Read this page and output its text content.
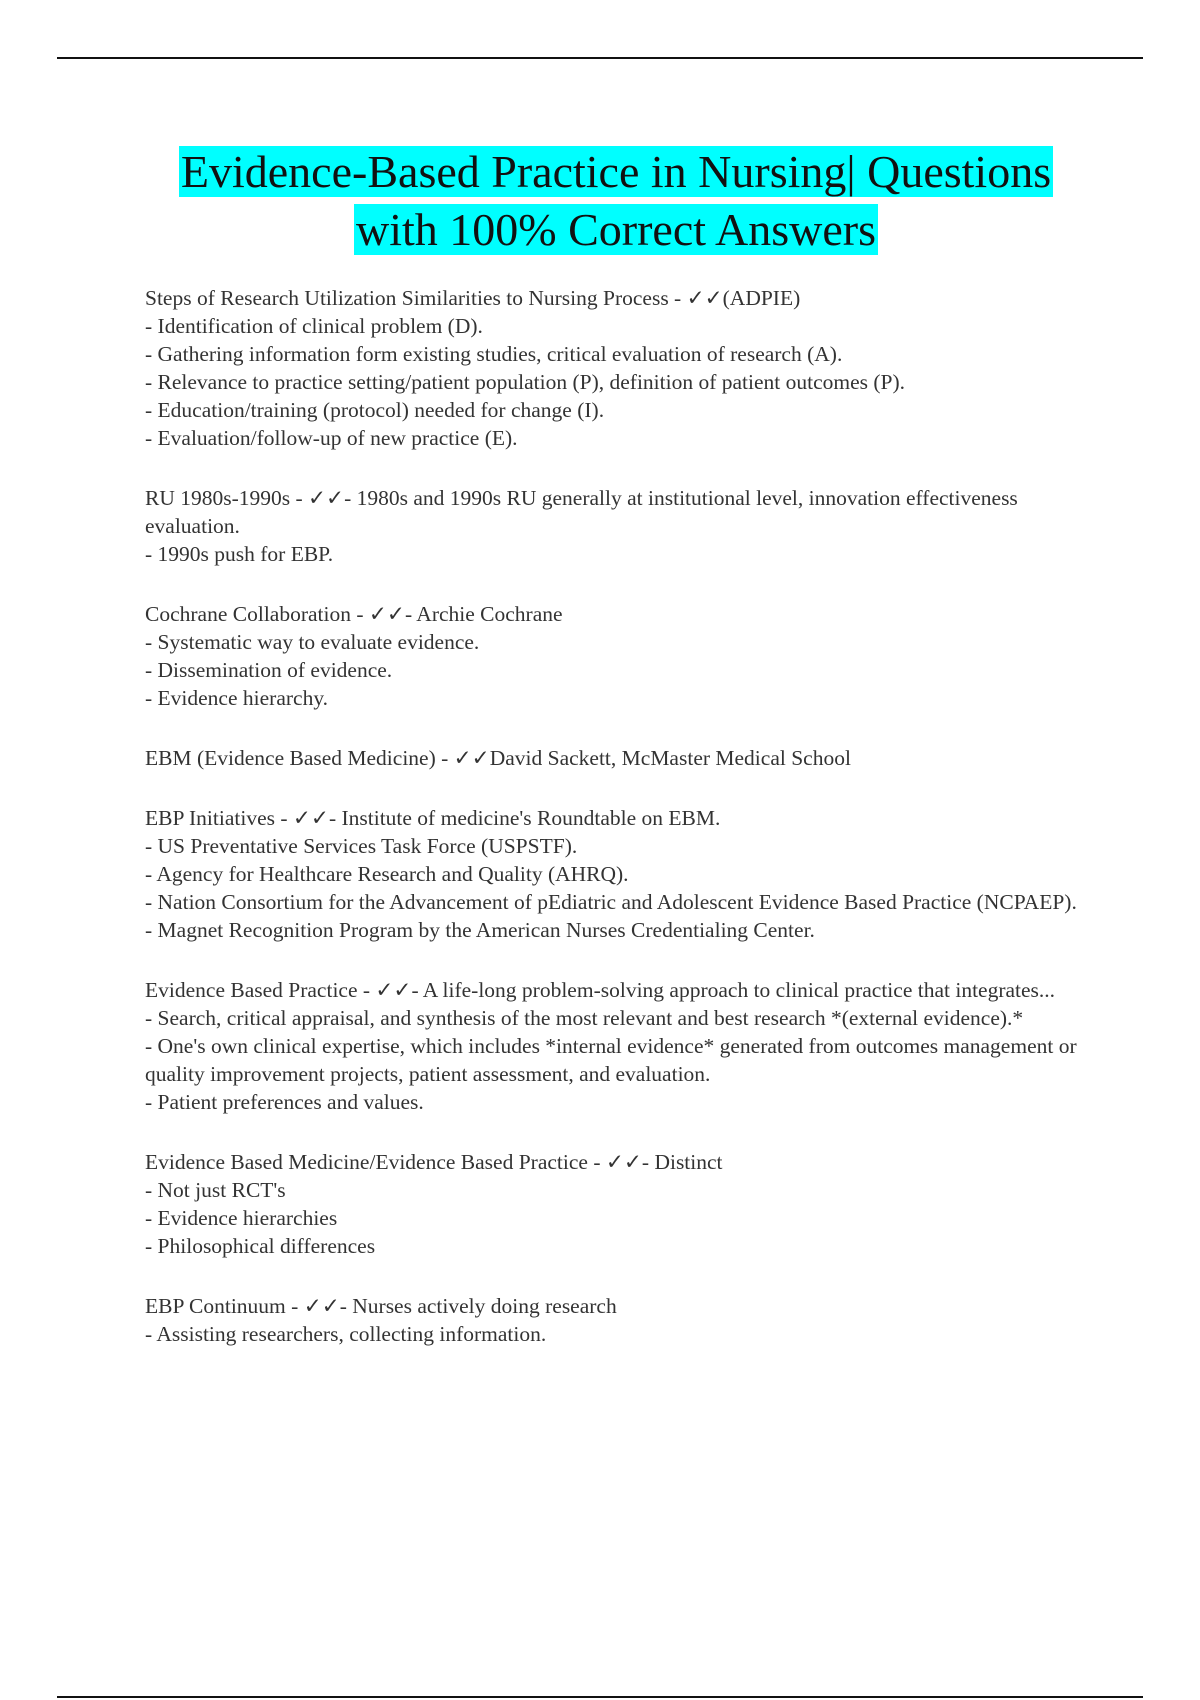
Evidence-Based Practice in Nursing| Questions
with 100% Correct Answers
Steps of Research Utilization Similarities to Nursing Process - ✓✓(ADPIE)
- Identification of clinical problem (D).
- Gathering information form existing studies, critical evaluation of research (A).
- Relevance to practice setting/patient population (P), definition of patient outcomes (P).
- Education/training (protocol) needed for change (I).
- Evaluation/follow-up of new practice (E).
RU 1980s-1990s - ✓✓- 1980s and 1990s RU generally at institutional level, innovation effectiveness evaluation.
- 1990s push for EBP.
Cochrane Collaboration - ✓✓- Archie Cochrane
- Systematic way to evaluate evidence.
- Dissemination of evidence.
- Evidence hierarchy.
EBM (Evidence Based Medicine) - ✓✓David Sackett, McMaster Medical School
EBP Initiatives - ✓✓- Institute of medicine's Roundtable on EBM.
- US Preventative Services Task Force (USPSTF).
- Agency for Healthcare Research and Quality (AHRQ).
- Nation Consortium for the Advancement of pEdiatric and Adolescent Evidence Based Practice (NCPAEP).
- Magnet Recognition Program by the American Nurses Credentialing Center.
Evidence Based Practice - ✓✓- A life-long problem-solving approach to clinical practice that integrates...
- Search, critical appraisal, and synthesis of the most relevant and best research *(external evidence).*
- One's own clinical expertise, which includes *internal evidence* generated from outcomes management or quality improvement projects, patient assessment, and evaluation.
- Patient preferences and values.
Evidence Based Medicine/Evidence Based Practice - ✓✓- Distinct
- Not just RCT's
- Evidence hierarchies
- Philosophical differences
EBP Continuum - ✓✓- Nurses actively doing research
- Assisting researchers, collecting information.
